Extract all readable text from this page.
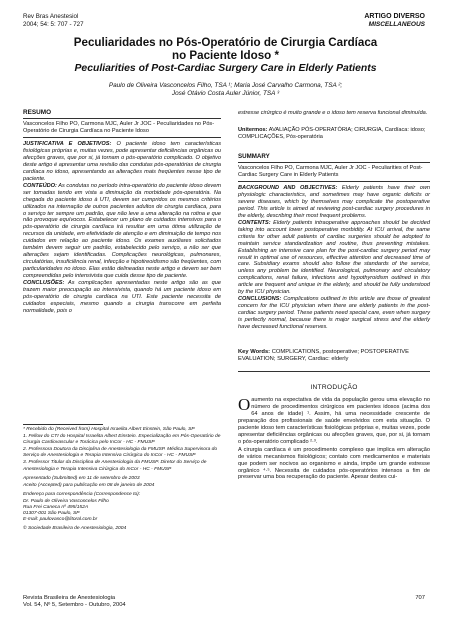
Rev Bras Anestesiol
2004; 54: 5: 707 - 727
ARTIGO DIVERSO
MISCELLANEOUS
Peculiaridades no Pós-Operatório de Cirurgia Cardíaca
no Paciente Idoso *
Peculiarities of Post-Cardiac Surgery Care in Elderly Patients
Paulo de Oliveira Vasconcelos Filho, TSA ¹; Maria José Carvalho Carmona, TSA ²;
José Otávio Costa Auler Júnior, TSA ³
RESUMO
Vasconcelos Filho PO, Carmona MJC, Auler Jr JOC - Peculiaridades no Pós-Operatório de Cirurgia Cardíaca no Paciente Idoso

JUSTIFICATIVA E OBJETIVOS: O paciente idoso tem características fisiológicas próprias e, muitas vezes, pode apresentar deficiências orgânicas ou afecções graves, que por si, já tornam o pós-operatório complicado. O objetivo deste artigo é apresentar uma revisão das condutas pós-operatórias de cirurgia cardíaca no idoso, apresentando as alterações mais freqüentes nesse tipo de paciente.

CONTEÚDO: As condutas no período intra-operatório do paciente idoso devem ser tomadas tendo em vista a diminuição da morbidade pós-operatória. Na chegada do paciente idoso à UTI, devem ser cumpridos os mesmos critérios utilizados na internação de outros pacientes adultos de cirurgia cardíaca, para o serviço ter sempre um padrão, que não leve a uma alteração na rotina e que não provoque equívocos. Estabelecer um plano de cuidados intensivos para o pós-operatório de cirurgia cardíaca irá resultar em uma ótima utilização de recursos da unidade, em efetividade de atenção e em diminuição de tempo nos cuidados em relação ao paciente idoso. Os exames auxiliares solicitados também devem seguir um padrão, estabelecido pelo serviço, a não ser que alterações sejam identificadas. Complicações neurológicas, pulmonares, circulatórias, insuficiência renal, infecção e hipotireoidismo são freqüentes, com particularidades no idoso. Elas estão delineadas neste artigo e devem ser bem compreendidas pelo intensivista que cuida desse tipo de paciente.

CONCLUSÕES: As complicações apresentadas neste artigo são as que trazem maior preocupação ao intensivista, quando há um paciente idoso em pós-operatório de cirurgia cardíaca na UTI. Este paciente necessita de cuidados especiais, mesmo quando a cirurgia transcorre em perfeita normalidade, pois o

* Recebido do (Received from) Hospital Israelita Albert Einstein, São Paulo, SP
1. Fellow do CTI do Hospital Israelita Albert Einstein. Especialização em Pós-Operatório de Cirurgia Cardiovascular e Torácica pelo InCor - HC - FMUSP
2. Professora Doutora da Disciplina de Anestesiologia da FMUSP. Médica Supervisora do Serviço de Anestesiologia e Terapia Intensiva Cirúrgica do InCor - HC - FMUSP
3. Professor Titular da Disciplina de Anestesiologia da FMUSP. Diretor do Serviço de Anestesiologia e Terapia Intensiva Cirúrgica do InCor - HC - FMUSP
Apresentado (Submitted) em 11 de setembro de 2003
Aceito (Accepted) para publicação em 08 de janeiro de 2004
Endereço para correspondência (Correspondence to):
Dr. Paulo de Oliveira Vasconcelos Filho
Rua Frei Caneca nº 495/152A
01307-001 São Paulo, SP
E-mail: paulovasco@litoral.com.br
© Sociedade Brasileira de Anestesiologia, 2004
estresse cirúrgico é muito grande e o idoso tem reserva funcional diminuída.
Unitermos: AVALIAÇÃO PÓS-OPERATÓRIA; CIRURGIA, Cardíaca: idoso; COMPLICAÇÕES, Pós-operatória
SUMMARY
Vasconcelos Filho PO, Carmona MJC, Auler Jr JOC - Peculiarities of Post-Cardiac Surgery Care in Elderly Patients

BACKGROUND AND OBJECTIVES: Elderly patients have their own physiologic characteristics, and sometimes may have organic deficits or severe diseases, which by themselves may complicate the postoperative period. This article is aimed at reviewing post-cardiac surgery procedures in the elderly, describing their most frequent problems.

CONTENTS: Elderly patients intraoperative approaches should be decided taking into account lower postoperative morbidity. At ICU arrival, the same criteria for other adult patients of cardiac surgeries should be adopted to maintain service standardization and routine, thus preventing mistakes. Establishing an intensive care plan for the post-cardiac surgery period may result in optimal use of resources, effective attention and decreased time of care. Subsidiary exams should also follow the standards of the service, unless any problem be identified. Neurological, pulmonary and circulatory complications, renal failure, infections and hypothyroidism outlined in this article are frequent and unique in the elderly, and should be fully understood by the ICU physician.

CONCLUSIONS: Complications outlined in this article are those of greatest concern for the ICU physician when there are elderly patients in the post-cardiac surgery period. These patients need special care, even when surgery is perfectly normal, because there is major surgical stress and the elderly have decreased functional reserves.

Key Words: COMPLICATIONS, postoperative; POSTOPERATIVE EVALUATION; SURGERY, Cardiac: elderly
INTRODUÇÃO

Oaumento na expectativa de vida da população gerou uma elevação no número de procedimentos cirúrgicos em pacientes idosos (acima dos 64 anos de idade) ¹. Assim, há uma necessidade crescente de preparação dos profissionais de saúde envolvidos com esta situação. O paciente idoso tem características fisiológicas próprias e, muitas vezes, pode apresentar deficiências orgânicas ou afecções graves, que, por si, já tornam o pós-operatório complicado ²·³.

A cirurgia cardíaca é um procedimento complexo que implica em alteração de vários mecanismos fisiológicos; contato com medicamentos e materiais que podem ser nocivos ao organismo e ainda, impõe um grande estresse orgânico ⁴·⁵. Necessita de cuidados pós-operatórios intensos a fim de preservar uma boa recuperação do paciente. Apesar destes cui-

Revista Brasileira de Anestesiologia
Vol. 54, Nº 5, Setembro - Outubro, 2004
707
